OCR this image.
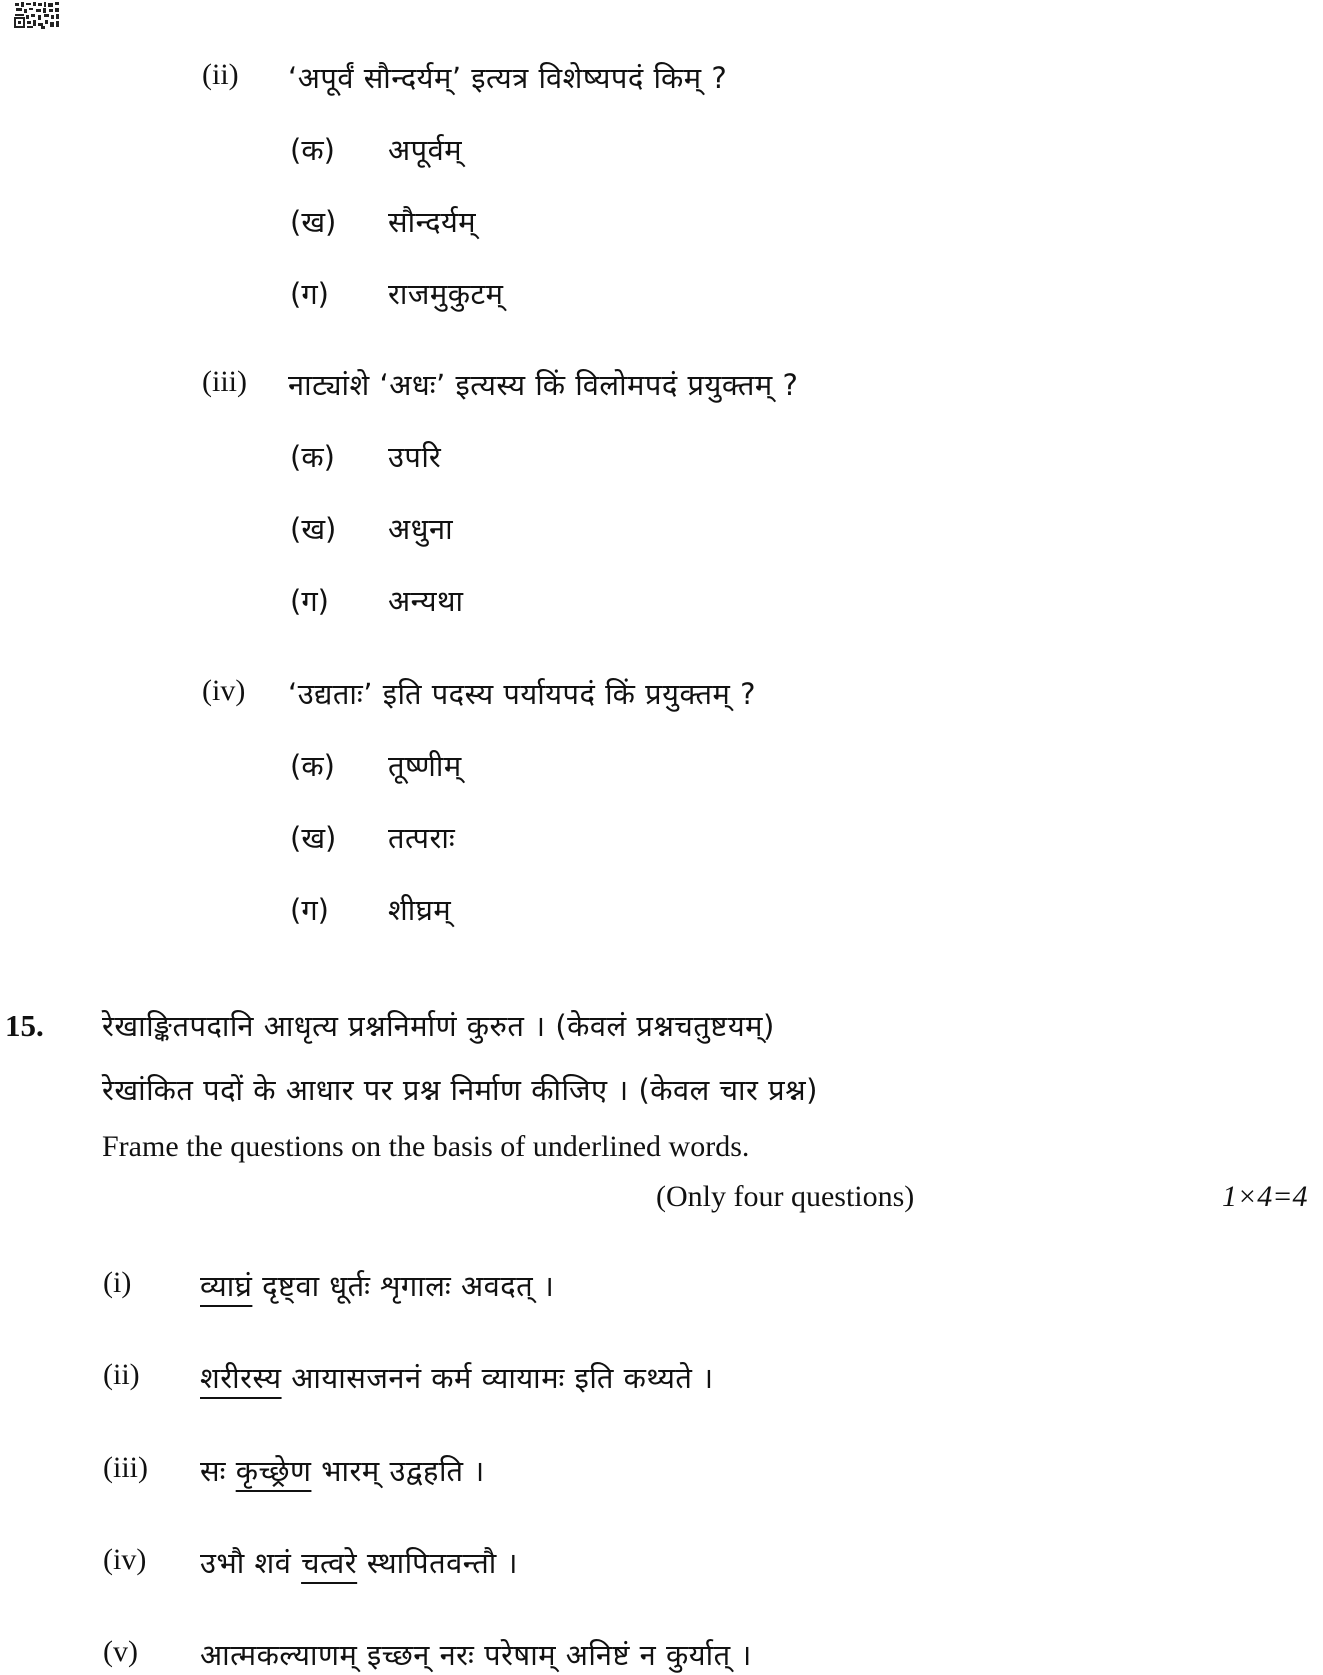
(ii) ‘अपूर्वं सौन्दर्यम्’ इत्यत्र विशेष्यपदं किम् ?
(क) अपूर्वम्
(ख) सौन्दर्यम्
(ग) राजमुकुटम्
(iii) नाट्यांशे ‘अधः’ इत्यस्य किं विलोमपदं प्रयुक्तम् ?
(क) उपरि
(ख) अधुना
(ग) अन्यथा
(iv) ‘उद्यताः’ इति पदस्य पर्यायपदं किं प्रयुक्तम् ?
(क) तूष्णीम्
(ख) तत्पराः
(ग) शीघ्रम्
15. रेखाङ्कितपदानि आधृत्य प्रश्ननिर्माणं कुरुत । (केवलं प्रश्नचतुष्टयम्)
रेखांकित पदों के आधार पर प्रश्न निर्माण कीजिए । (केवल चार प्रश्न)
Frame the questions on the basis of underlined words.
(Only four questions)	1×4=4
(i) व्याघ्रं दृष्ट्वा धूर्तः शृगालः अवदत् ।
(ii) शरीरस्य आयासजननं कर्म व्यायामः इति कथ्यते ।
(iii) सः कृच्छ्रेण भारम् उद्वहति ।
(iv) उभौ शवं चत्वरे स्थापितवन्तौ ।
(v) आत्मकल्याणम् इच्छन् नरः परेषाम् अनिष्टं न कुर्यात् ।
